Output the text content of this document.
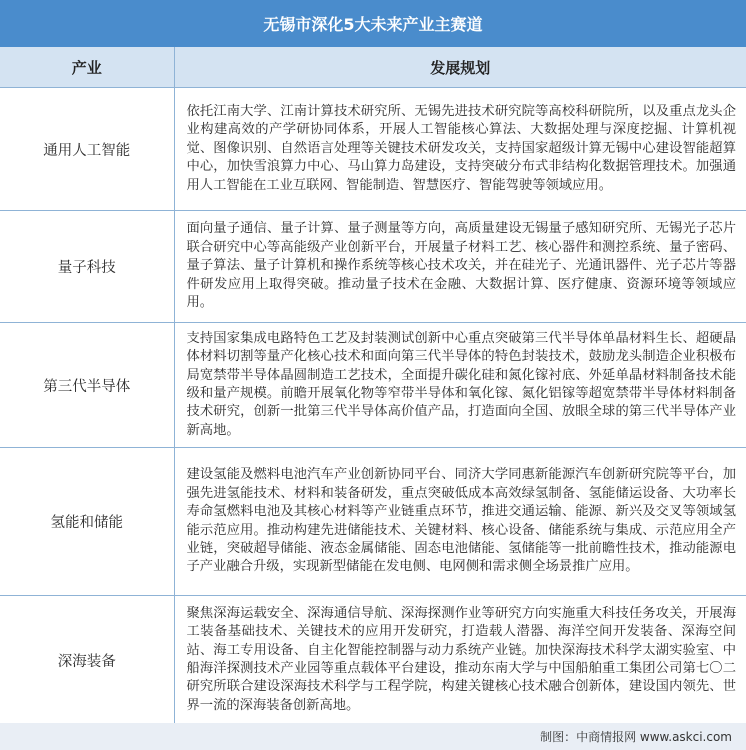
无锡市深化5大未来产业主赛道
产业	发展规划
通用人工智能	依托江南大学、江南计算技术研究所、无锡先进技术研究院等高校科研院所，以及重点龙头企业构建高效的产学研协同体系，开展人工智能核心算法、大数据处理与深度挖掘、计算机视觉、图像识别、自然语言处理等关键技术研发攻关，支持国家超级计算无锡中心建设智能超算中心，加快雪浪算力中心、马山算力岛建设，支持突破分布式非结构化数据管理技术。加强通用人工智能在工业互联网、智能制造、智慧医疗、智能驾驶等领域应用。
量子科技	面向量子通信、量子计算、量子测量等方向，高质量建设无锡量子感知研究所、无锡光子芯片联合研究中心等高能级产业创新平台，开展量子材料工艺、核心器件和测控系统、量子密码、量子算法、量子计算机和操作系统等核心技术攻关，并在硅光子、光通讯器件、光子芯片等器件研发应用上取得突破。推动量子技术在金融、大数据计算、医疗健康、资源环境等领域应用。
第三代半导体	支持国家集成电路特色工艺及封装测试创新中心重点突破第三代半导体单晶材料生长、超硬晶体材料切割等量产化核心技术和面向第三代半导体的特色封装技术，鼓励龙头制造企业积极布局宽禁带半导体晶圆制造工艺技术，全面提升碳化硅和氮化镓衬底、外延单晶材料制备技术能级和量产规模。前瞻开展氧化物等窄带半导体和氧化镓、氮化铝镓等超宽禁带半导体材料制备技术研究，创新一批第三代半导体高价值产品，打造面向全国、放眼全球的第三代半导体产业新高地。
氢能和储能	建设氢能及燃料电池汽车产业创新协同平台、同济大学同惠新能源汽车创新研究院等平台，加强先进氢能技术、材料和装备研发，重点突破低成本高效绿氢制备、氢能储运设备、大功率长寿命氢燃料电池及其核心材料等产业链重点环节，推进交通运输、能源、新兴及交叉等领域氢能示范应用。推动构建先进储能技术、关键材料、核心设备、储能系统与集成、示范应用全产业链，突破超导储能、液态金属储能、固态电池储能、氢储能等一批前瞻性技术，推动能源电子产业融合升级，实现新型储能在发电侧、电网侧和需求侧全场景推广应用。
深海装备	聚焦深海运载安全、深海通信导航、深海探测作业等研究方向实施重大科技任务攻关，开展海工装备基础技术、关键技术的应用开发研究，打造载人潜器、海洋空间开发装备、深海空间站、海工专用设备、自主化智能控制器与动力系统产业链。加快深海技术科学太湖实验室、中船海洋探测技术产业园等重点载体平台建设，推动东南大学与中国船舶重工集团公司第七〇二研究所联合建设深海技术科学与工程学院，构建关键核心技术融合创新体，建设国内领先、世界一流的深海装备创新高地。
制图：中商情报网 www.askci.com
